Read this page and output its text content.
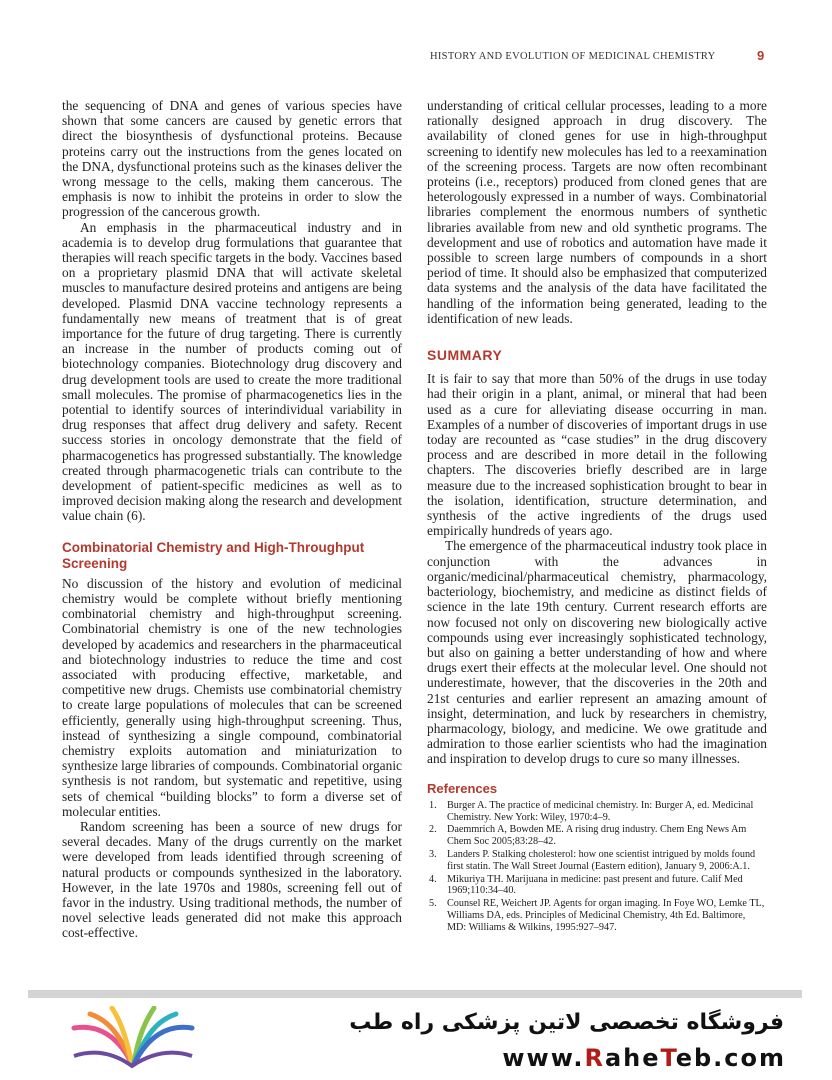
HISTORY AND EVOLUTION OF MEDICINAL CHEMISTRY	9

the sequencing of DNA and genes of various species have shown that some cancers are caused by genetic errors that direct the biosynthesis of dysfunctional proteins. Because proteins carry out the instructions from the genes located on the DNA, dysfunctional proteins such as the kinases deliver the wrong message to the cells, making them cancerous. The emphasis is now to inhibit the proteins in order to slow the progression of the cancerous growth.

An emphasis in the pharmaceutical industry and in academia is to develop drug formulations that guarantee that therapies will reach specific targets in the body. Vaccines based on a proprietary plasmid DNA that will activate skeletal muscles to manufacture desired proteins and antigens are being developed. Plasmid DNA vaccine technology represents a fundamentally new means of treatment that is of great importance for the future of drug targeting. There is currently an increase in the number of products coming out of biotechnology companies. Biotechnology drug discovery and drug development tools are used to create the more traditional small molecules. The promise of pharmacogenetics lies in the potential to identify sources of interindividual variability in drug responses that affect drug delivery and safety. Recent success stories in oncology demonstrate that the field of pharmacogenetics has progressed substantially. The knowledge created through pharmacogenetic trials can contribute to the development of patient-specific medicines as well as to improved decision making along the research and development value chain (6).

Combinatorial Chemistry and High-Throughput Screening

No discussion of the history and evolution of medicinal chemistry would be complete without briefly mentioning combinatorial chemistry and high-throughput screening. Combinatorial chemistry is one of the new technologies developed by academics and researchers in the pharmaceutical and biotechnology industries to reduce the time and cost associated with producing effective, marketable, and competitive new drugs. Chemists use combinatorial chemistry to create large populations of molecules that can be screened efficiently, generally using high-throughput screening. Thus, instead of synthesizing a single compound, combinatorial chemistry exploits automation and miniaturization to synthesize large libraries of compounds. Combinatorial organic synthesis is not random, but systematic and repetitive, using sets of chemical “building blocks” to form a diverse set of molecular entities.

Random screening has been a source of new drugs for several decades. Many of the drugs currently on the market were developed from leads identified through screening of natural products or compounds synthesized in the laboratory. However, in the late 1970s and 1980s, screening fell out of favor in the industry. Using traditional methods, the number of novel selective leads generated did not make this approach cost-effective.

understanding of critical cellular processes, leading to a more rationally designed approach in drug discovery. The availability of cloned genes for use in high-throughput screening to identify new molecules has led to a reexamination of the screening process. Targets are now often recombinant proteins (i.e., receptors) produced from cloned genes that are heterologously expressed in a number of ways. Combinatorial libraries complement the enormous numbers of synthetic libraries available from new and old synthetic programs. The development and use of robotics and automation have made it possible to screen large numbers of compounds in a short period of time. It should also be emphasized that computerized data systems and the analysis of the data have facilitated the handling of the information being generated, leading to the identification of new leads.

SUMMARY

It is fair to say that more than 50% of the drugs in use today had their origin in a plant, animal, or mineral that had been used as a cure for alleviating disease occurring in man. Examples of a number of discoveries of important drugs in use today are recounted as “case studies” in the drug discovery process and are described in more detail in the following chapters. The discoveries briefly described are in large measure due to the increased sophistication brought to bear in the isolation, identification, structure determination, and synthesis of the active ingredients of the drugs used empirically hundreds of years ago.

The emergence of the pharmaceutical industry took place in conjunction with the advances in organic/medicinal/pharmaceutical chemistry, pharmacology, bacteriology, biochemistry, and medicine as distinct fields of science in the late 19th century. Current research efforts are now focused not only on discovering new biologically active compounds using ever increasingly sophisticated technology, but also on gaining a better understanding of how and where drugs exert their effects at the molecular level. One should not underestimate, however, that the discoveries in the 20th and 21st centuries and earlier represent an amazing amount of insight, determination, and luck by researchers in chemistry, pharmacology, biology, and medicine. We owe gratitude and admiration to those earlier scientists who had the imagination and inspiration to develop drugs to cure so many illnesses.

References
1.	Burger A. The practice of medicinal chemistry. In: Burger A, ed. Medicinal Chemistry. New York: Wiley, 1970:4–9.
2.	Daemmrich A, Bowden ME. A rising drug industry. Chem Eng News Am Chem Soc 2005;83:28–42.
3.	Landers P. Stalking cholesterol: how one scientist intrigued by molds found first statin. The Wall Street Journal (Eastern edition), January 9, 2006:A.1.
4.	Mikuriya TH. Marijuana in medicine: past present and future. Calif Med 1969;110:34–40.
5.	Counsel RE, Weichert JP. Agents for organ imaging. In Foye WO, Lemke TL, Williams DA, eds. Principles of Medicinal Chemistry, 4th Ed. Baltimore, MD: Williams & Wilkins, 1995:927–947.
فروشگاه تخصصی لاتین پزشکی راه طب
www.RaheTeb.com
